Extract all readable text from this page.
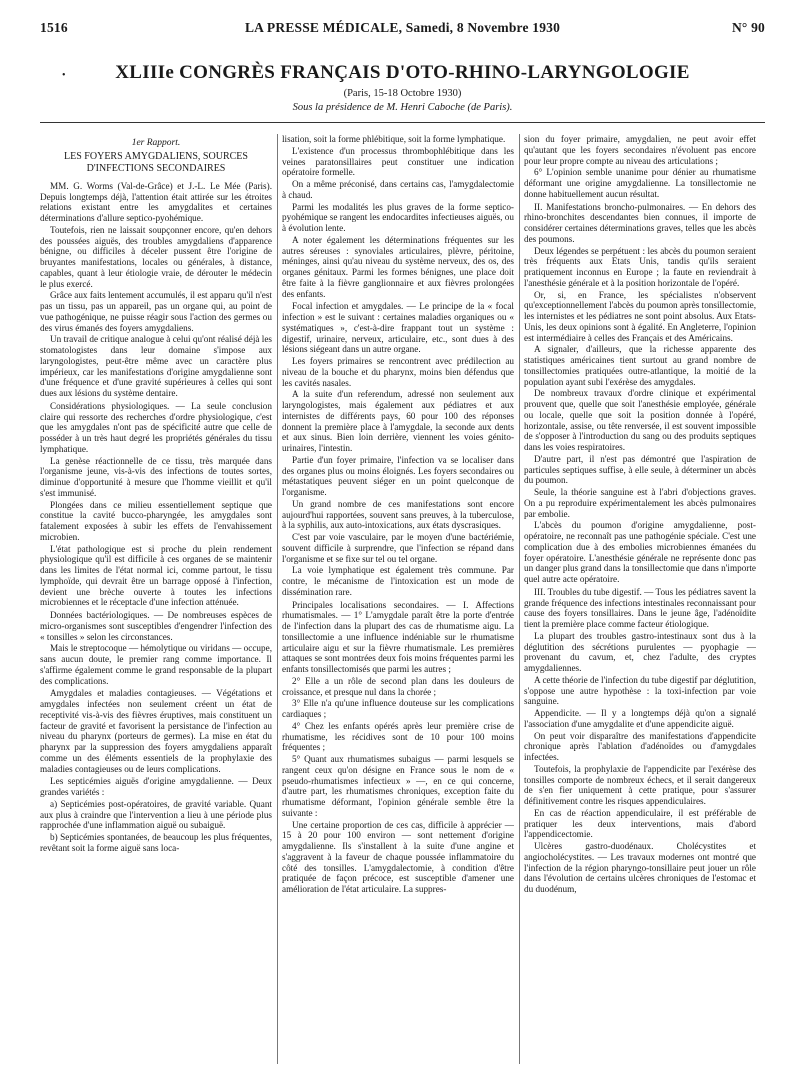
1516	LA PRESSE MÉDICALE, Samedi, 8 Novembre 1930	N° 90
•	XLIIIe CONGRÈS FRANÇAIS D'OTO-RHINO-LARYNGOLOGIE
(Paris, 15-18 Octobre 1930)
Sous la présidence de M. Henri Caboche (de Paris).
1er Rapport.
LES FOYERS AMYGDALIENS, SOURCES D'INFECTIONS SECONDAIRES

MM. G. Worms (Val-de-Grâce) et J.-L. Le Mée (Paris). Depuis longtemps déjà, l'attention était attirée sur les étroites relations existant entre les amygdalites et certaines déterminations d'allure septico-pyohémique.

Toutefois, rien ne laissait soupçonner encore, qu'en dehors des poussées aiguës, des troubles amygdaliens d'apparence bénigne, ou difficiles à déceler pussent être l'origine de bruyantes manifestations, locales ou générales, à distance, capables, quant à leur étiologie vraie, de dérouter le médecin le plus exercé.

Grâce aux faits lentement accumulés, il est apparu qu'il n'est pas un tissu, pas un appareil, pas un organe qui, au point de vue pathogénique, ne puisse réagir sous l'action des germes ou des virus émanés des foyers amygdaliens.

Un travail de critique analogue à celui qu'ont réalisé déjà les stomatologistes dans leur domaine s'impose aux laryngologistes, peut-être même avec un caractère plus impérieux, car les manifestations d'origine amygdalienne sont d'une fréquence et d'une gravité supérieures à celles qui sont dues aux lésions du système dentaire.

Considérations physiologiques. — La seule conclusion claire qui ressorte des recherches d'ordre physiologique, c'est que les amygdales n'ont pas de spécificité autre que celle de posséder à un très haut degré les propriétés générales du tissu lymphatique.

La genèse réactionnelle de ce tissu, très marquée dans l'organisme jeune, vis-à-vis des infections de toutes sortes, diminue d'opportunité à mesure que l'homme vieillit et qu'il s'est immunisé.

Plongées dans ce milieu essentiellement septique que constitue la cavité bucco-pharyngée, les amygdales sont fatalement exposées à subir les effets de l'envahissement microbien.

L'état pathologique est si proche du plein rendement physiologique qu'il est difficile à ces organes de se maintenir dans les limites de l'état normal ici, comme partout, le tissu lymphoïde, qui devrait être un barrage opposé à l'infection, devient une brèche ouverte à toutes les infections microbiennes et le réceptacle d'une infection atténuée.

Données bactériologiques. — De nombreuses espèces de micro-organismes sont susceptibles d'engendrer l'infection des « tonsilles » selon les circonstances.

Mais le streptocoque — hémolytique ou viridans — occupe, sans aucun doute, le premier rang comme importance. Il s'affirme également comme le grand responsable de la plupart des complications.

Amygdales et maladies contagieuses. — Végétations et amygdales infectées non seulement créent un état de receptivité vis-à-vis des fièvres éruptives, mais constituent un facteur de gravité et favorisent la persistance de l'infection au niveau du pharynx (porteurs de germes). La mise en état du pharynx par la suppression des foyers amygdaliens apparaît comme un des éléments essentiels de la prophylaxie des maladies contagieuses ou de leurs complications.

Les septicémies aiguës d'origine amygdalienne. — Deux grandes variétés :

a) Septicémies post-opératoires, de gravité variable. Quant aux plus à craindre que l'intervention a lieu à une période plus rapprochée d'une inflammation aiguë ou subaiguë.

b) Septicémies spontanées, de beaucoup les plus fréquentes, revêtant soit la forme aiguë sans loca-

lisation, soit la forme phlébitique, soit la forme lymphatique.

L'existence d'un processus thrombophlébitique dans les veines paratonsillaires peut constituer une indication opératoire formelle.

On a même préconisé, dans certains cas, l'amygdalectomie à chaud.

Parmi les modalités les plus graves de la forme septico-pyohémique se rangent les endocardites infectieuses aiguës, ou à évolution lente.

A noter également les déterminations fréquentes sur les autres séreuses : synoviales articulaires, plèvre, péritoine, méninges, ainsi qu'au niveau du système nerveux, des os, des organes génitaux. Parmi les formes bénignes, une place doit être faite à la fièvre ganglionnaire et aux fièvres prolongées des enfants.

Focal infection et amygdales. — Le principe de la « focal infection » est le suivant : certaines maladies organiques ou « systématiques », c'est-à-dire frappant tout un système : digestif, urinaire, nerveux, articulaire, etc., sont dues à des lésions siégeant dans un autre organe.

Les foyers primaires se rencontrent avec prédilection au niveau de la bouche et du pharynx, moins bien défendus que les cavités nasales.

A la suite d'un referendum, adressé non seulement aux laryngologistes, mais également aux pédiatres et aux internistes de différents pays, 60 pour 100 des réponses donnent la première place à l'amygdale, la seconde aux dents et aux sinus. Bien loin derrière, viennent les voies génito-urinaires, l'intestin.

Partie d'un foyer primaire, l'infection va se localiser dans des organes plus ou moins éloignés. Les foyers secondaires ou métastatiques peuvent siéger en un point quelconque de l'organisme.

Un grand nombre de ces manifestations sont encore aujourd'hui rapportées, souvent sans preuves, à la tuberculose, à la syphilis, aux auto-intoxications, aux états dyscrasiques.

C'est par voie vasculaire, par le moyen d'une bactériémie, souvent difficile à surprendre, que l'infection se répand dans l'organisme et se fixe sur tel ou tel organe.

La voie lymphatique est également très commune. Par contre, le mécanisme de l'intoxication est un mode de dissémination rare.

Principales localisations secondaires. — I. Affections rhumatismales. — 1° L'amygdale paraît être la porte d'entrée de l'infection dans la plupart des cas de rhumatisme aigu. La tonsillectomie a une influence indéniable sur le rhumatisme articulaire aigu et sur la fièvre rhumatismale. Les premières attaques se sont montrées deux fois moins fréquentes parmi les enfants tonsillectomisés que parmi les autres ;

2° Elle a un rôle de second plan dans les douleurs de croissance, et presque nul dans la chorée ;

3° Elle n'a qu'une influence douteuse sur les complications cardiaques ;

4° Chez les enfants opérés après leur première crise de rhumatisme, les récidives sont de 10 pour 100 moins fréquentes ;

5° Quant aux rhumatismes subaigus — parmi lesquels se rangent ceux qu'on désigne en France sous le nom de « pseudo-rhumatismes infectieux » —, en ce qui concerne, d'autre part, les rhumatismes chroniques, exception faite du rhumatisme déformant, l'opinion générale semble être la suivante :

Une certaine proportion de ces cas, difficile à apprécier — 15 à 20 pour 100 environ — sont nettement d'origine amygdalienne. Ils s'installent à la suite d'une angine et s'aggravent à la faveur de chaque poussée inflammatoire du côté des tonsilles. L'amygdalectomie, à condition d'être pratiquée de façon précoce, est susceptible d'amener une amélioration de l'état articulaire. La suppres-

sion du foyer primaire, amygdalien, ne peut avoir effet qu'autant que les foyers secondaires n'évoluent pas encore pour leur propre compte au niveau des articulations ;

6° L'opinion semble unanime pour dénier au rhumatisme déformant une origine amygdalienne. La tonsillectomie ne donne habituellement aucun résultat.

II. Manifestations broncho-pulmonaires. — En dehors des rhino-bronchites descendantes bien connues, il importe de considérer certaines déterminations graves, telles que les abcès des poumons.

Deux légendes se perpétuent : les abcès du poumon seraient très fréquents aux Etats Unis, tandis qu'ils seraient pratiquement inconnus en Europe ; la faute en reviendrait à l'anesthésie générale et à la position horizontale de l'opéré.

Or, si, en France, les spécialistes n'observent qu'exceptionnellement l'abcès du poumon après tonsillectomie, les internistes et les pédiatres ne sont point absolus. Aux Etats-Unis, les deux opinions sont à égalité. En Angleterre, l'opinion est intermédiaire à celles des Français et des Américains.

A signaler, d'ailleurs, que la richesse apparente des statistiques américaines tient surtout au grand nombre de tonsillectomies pratiquées outre-atlantique, la moitié de la population ayant subi l'exérèse des amygdales.

De nombreux travaux d'ordre clinique et expérimental prouvent que, quelle que soit l'anesthésie employée, générale ou locale, quelle que soit la position donnée à l'opéré, horizontale, assise, ou tête renversée, il est souvent impossible de s'opposer à l'introduction du sang ou des produits septiques dans les voies respiratoires.

D'autre part, il n'est pas démontré que l'aspiration de particules septiques suffise, à elle seule, à déterminer un abcès du poumon.

Seule, la théorie sanguine est à l'abri d'objections graves. On a pu reproduire expérimentalement les abcès pulmonaires par embolie.

L'abcès du poumon d'origine amygdalienne, post-opératoire, ne reconnaît pas une pathogénie spéciale. C'est une complication due à des embolies microbiennes émanées du foyer opératoire. L'anesthésie générale ne représente donc pas un danger plus grand dans la tonsillectomie que dans n'importe quel autre acte opératoire.

III. Troubles du tube digestif. — Tous les pédiatres savent la grande fréquence des infections intestinales reconnaissant pour cause des foyers tonsillaires. Dans le jeune âge, l'adénoïdite tient la première place comme facteur étiologique.

La plupart des troubles gastro-intestinaux sont dus à la déglutition des sécrétions purulentes — pyophagie — provenant du cavum, et, chez l'adulte, des cryptes amygdaliennes.

A cette théorie de l'infection du tube digestif par déglutition, s'oppose une autre hypothèse : la toxi-infection par voie sanguine.

Appendicite. — Il y a longtemps déjà qu'on a signalé l'association d'une amygdalite et d'une appendicite aiguë.

On peut voir disparaître des manifestations d'appendicite chronique après l'ablation d'adénoïdes ou d'amygdales infectées.

Toutefois, la prophylaxie de l'appendicite par l'exérèse des tonsilles comporte de nombreux échecs, et il serait dangereux de s'en fier uniquement à cette pratique, pour s'assurer définitivement contre les risques appendiculaires.

En cas de réaction appendiculaire, il est préférable de pratiquer les deux interventions, mais d'abord l'appendicectomie.

Ulcères gastro-duodénaux. Cholécystites et angiocholécystites. — Les travaux modernes ont montré que l'infection de la région pharyngo-tonsillaire peut jouer un rôle dans l'évolution de certains ulcères chroniques de l'estomac et du duodénum,
